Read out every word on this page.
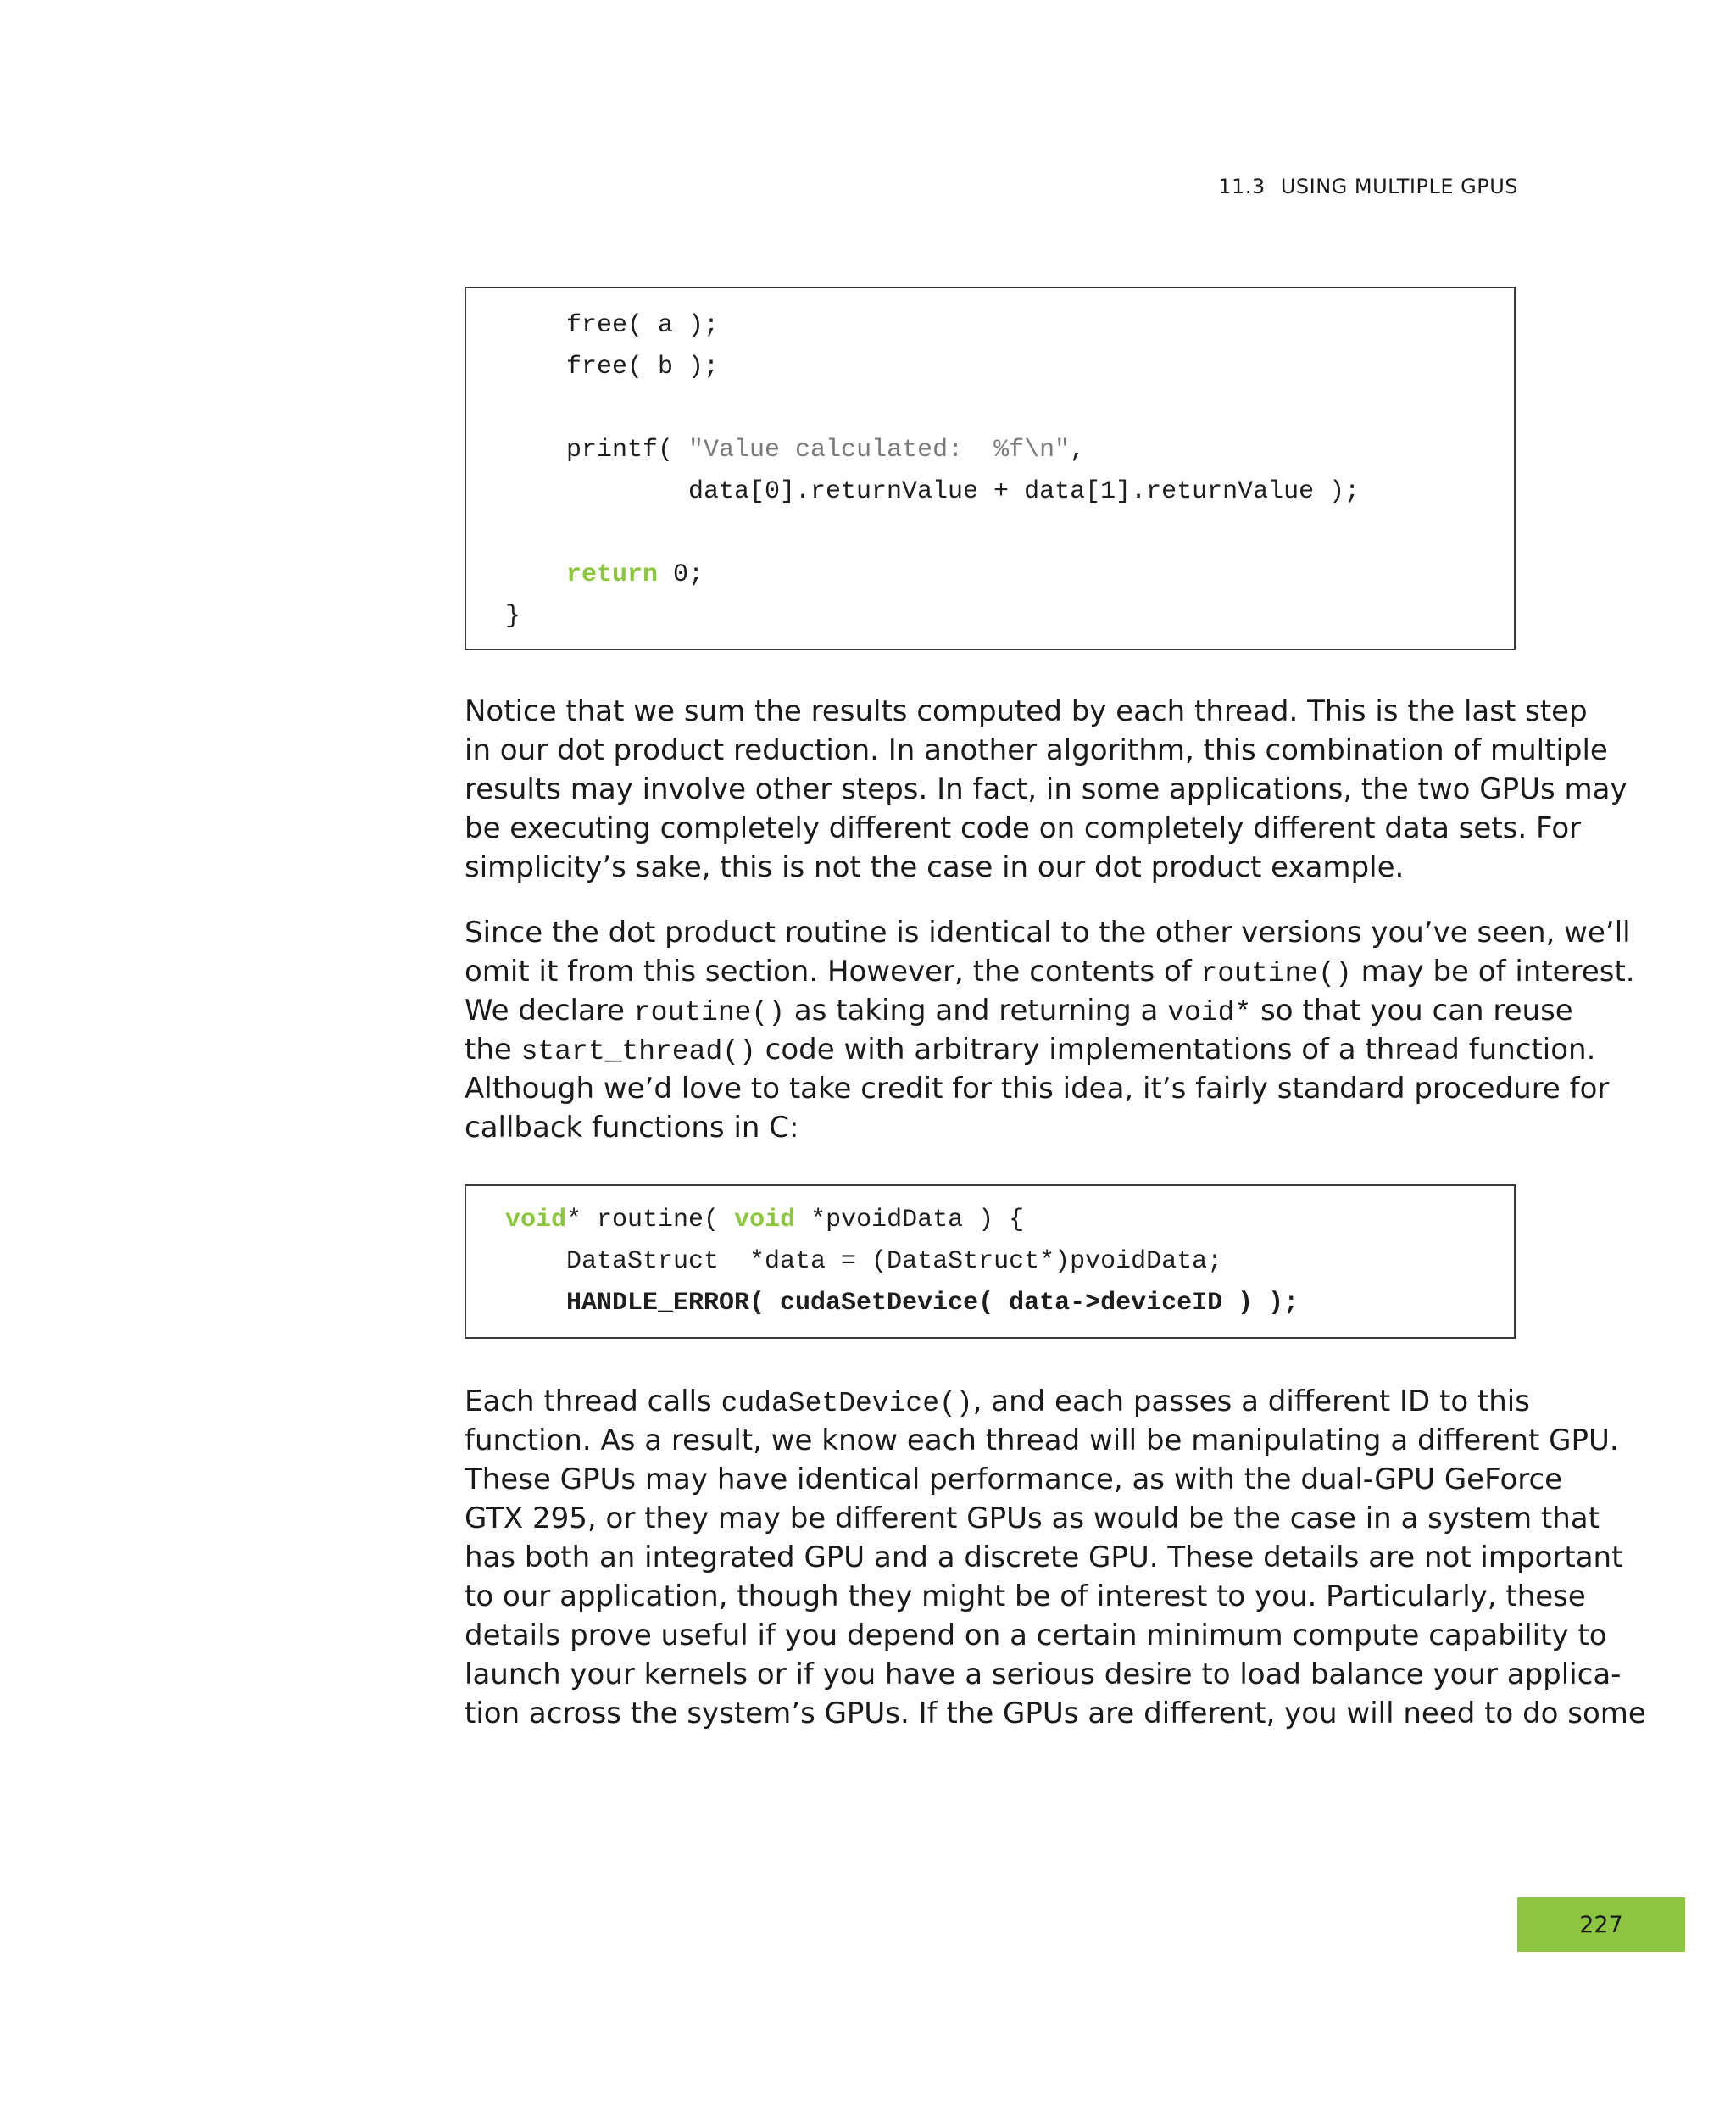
11.3 USING MULTIPLE GPUS
free( a );
free( b );
printf( "Value calculated:  %f\n",
data[0].returnValue + data[1].returnValue );
return 0;
}
Notice that we sum the results computed by each thread. This is the last step
in our dot product reduction. In another algorithm, this combination of multiple
results may involve other steps. In fact, in some applications, the two GPUs may
be executing completely different code on completely different data sets. For
simplicity’s sake, this is not the case in our dot product example.
Since the dot product routine is identical to the other versions you’ve seen, we’ll
omit it from this section. However, the contents of routine() may be of interest.
We declare routine() as taking and returning a void* so that you can reuse
the start_thread() code with arbitrary implementations of a thread function.
Although we’d love to take credit for this idea, it’s fairly standard procedure for
callback functions in C:
void* routine( void *pvoidData ) {
DataStruct  *data = (DataStruct*)pvoidData;
HANDLE_ERROR( cudaSetDevice( data->deviceID ) );
Each thread calls cudaSetDevice(), and each passes a different ID to this
function. As a result, we know each thread will be manipulating a different GPU.
These GPUs may have identical performance, as with the dual-GPU GeForce
GTX 295, or they may be different GPUs as would be the case in a system that
has both an integrated GPU and a discrete GPU. These details are not important
to our application, though they might be of interest to you. Particularly, these
details prove useful if you depend on a certain minimum compute capability to
launch your kernels or if you have a serious desire to load balance your applica-
tion across the system’s GPUs. If the GPUs are different, you will need to do some
227
